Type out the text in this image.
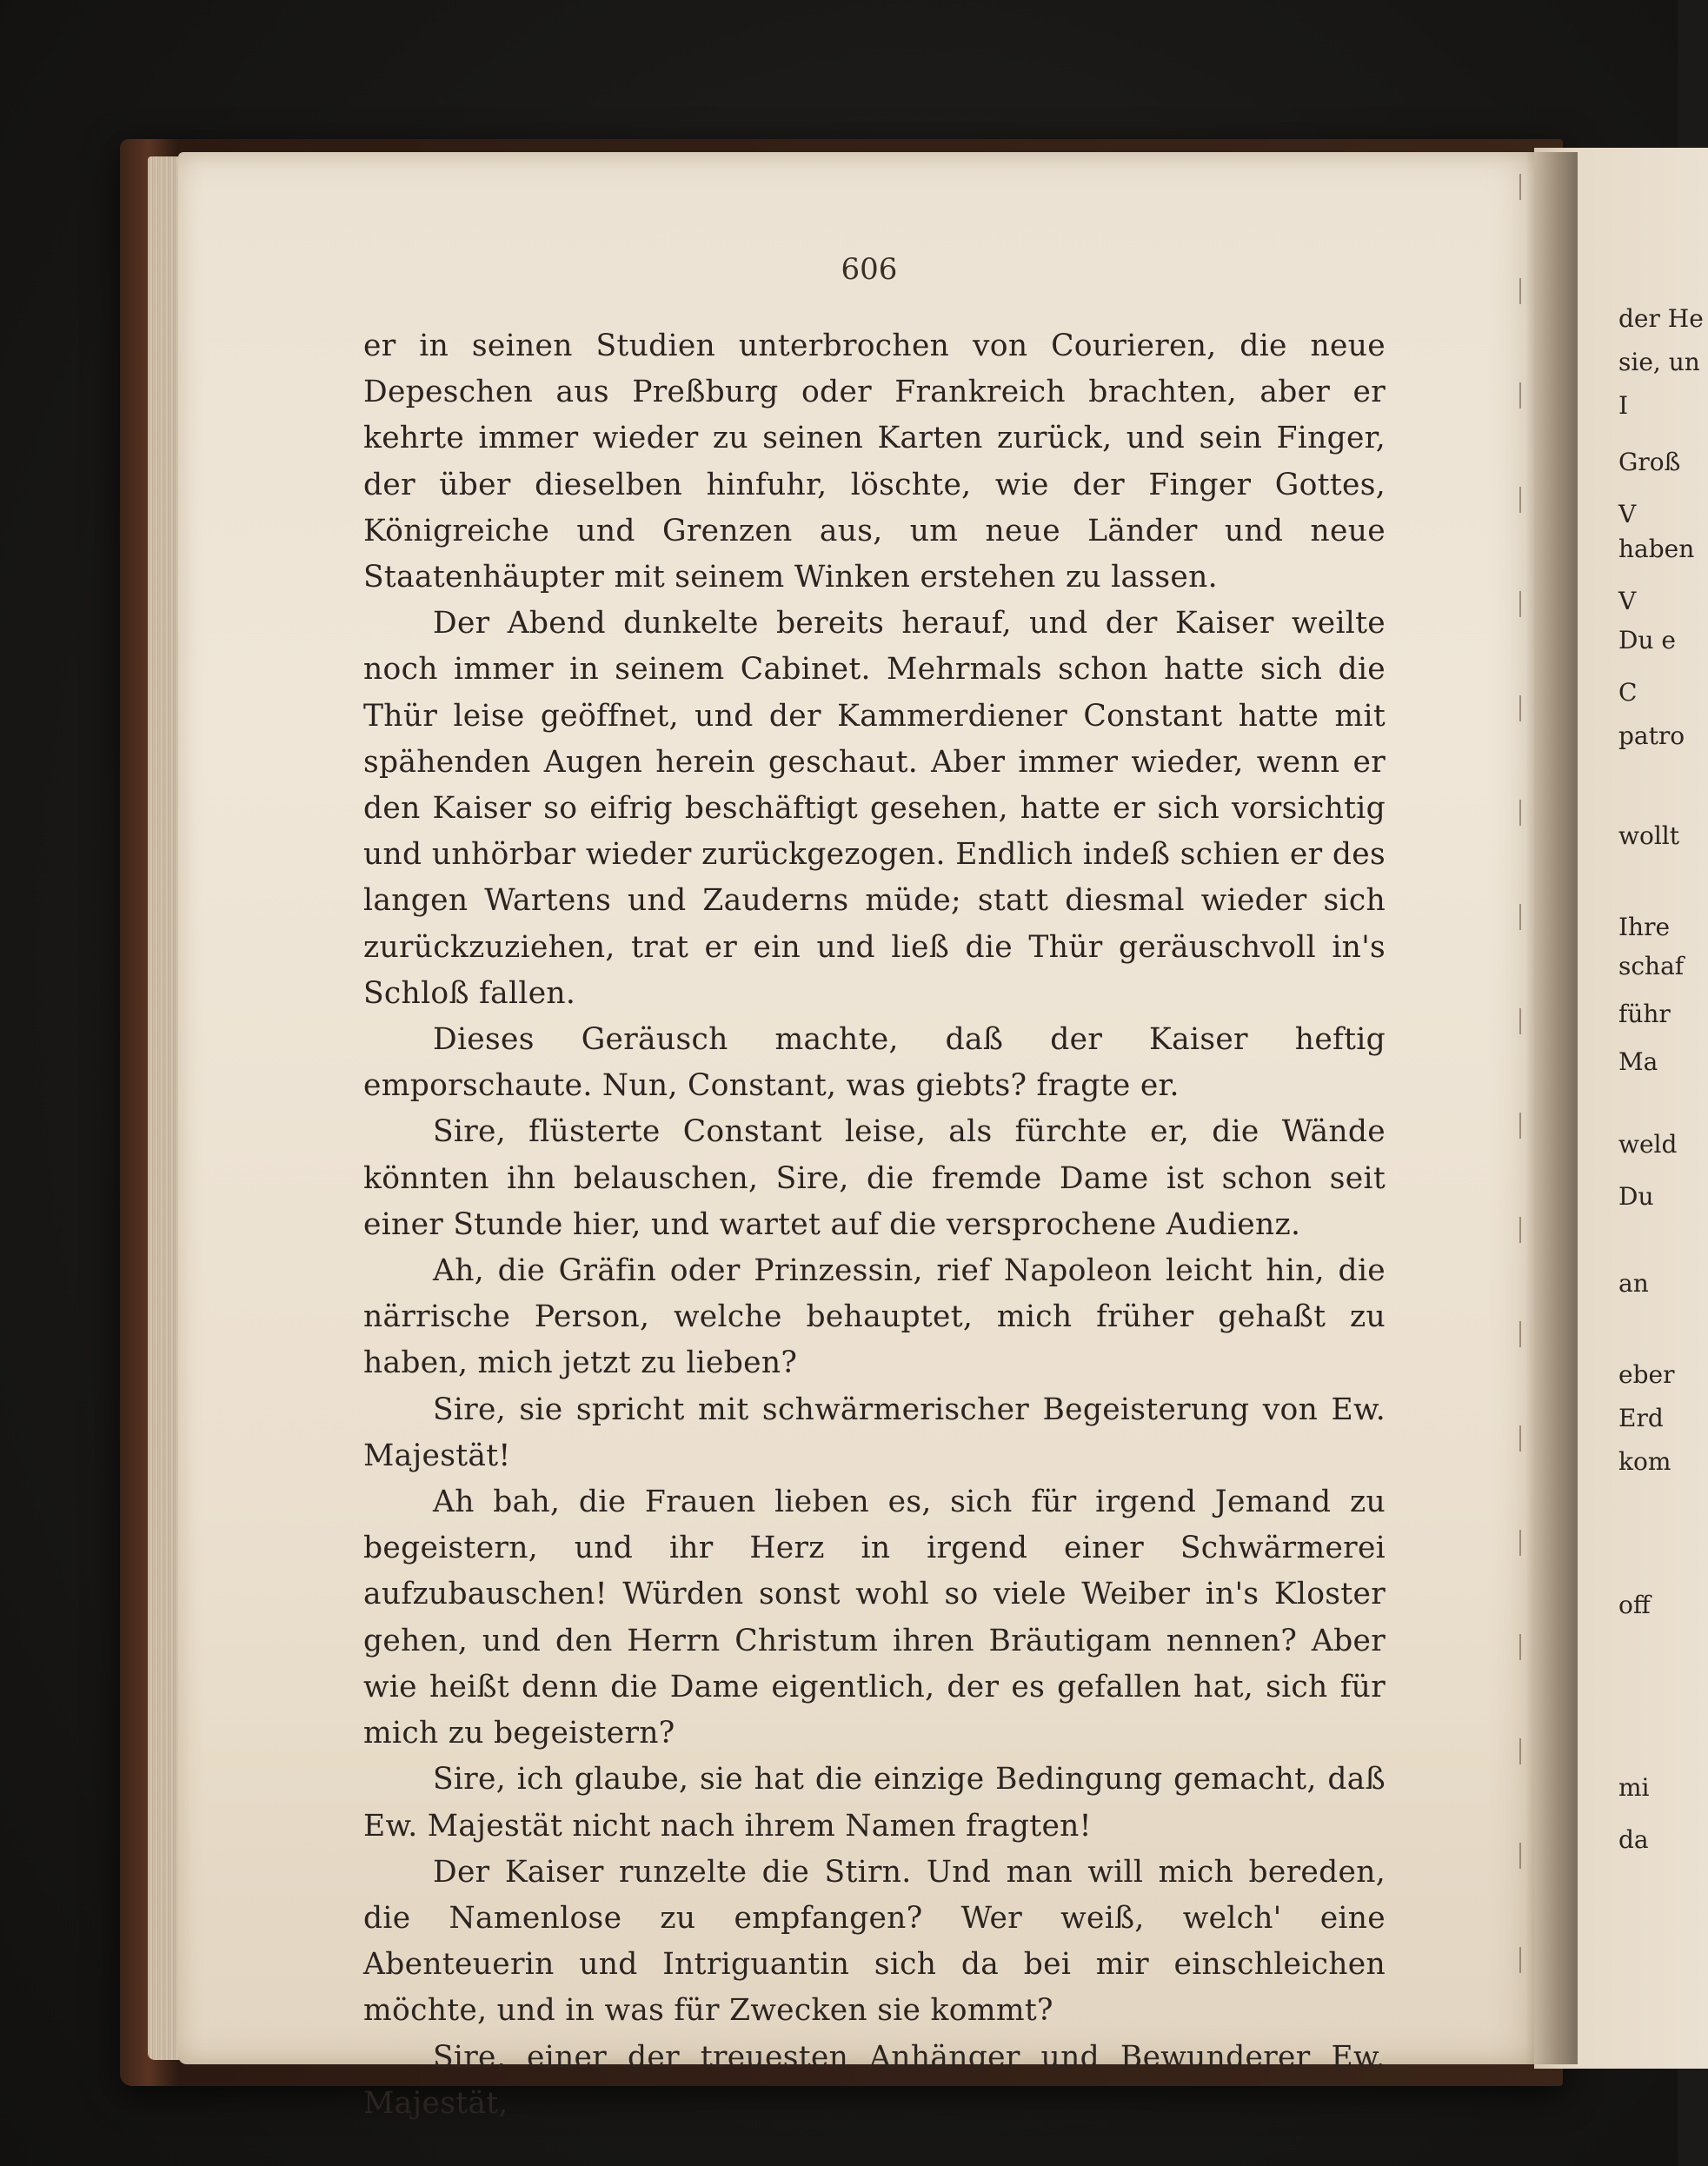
606

er in seinen Studien unterbrochen von Courieren, die neue Depeschen aus Preßburg oder Frankreich brachten, aber er kehrte immer wieder zu seinen Karten zurück, und sein Finger, der über dieselben hinfuhr, löschte, wie der Finger Gottes, Königreiche und Grenzen aus, um neue Länder und neue Staatenhäupter mit seinem Winken erstehen zu lassen.

Der Abend dunkelte bereits herauf, und der Kaiser weilte noch immer in seinem Cabinet. Mehrmals schon hatte sich die Thür leise geöffnet, und der Kammerdiener Constant hatte mit spähenden Augen herein geschaut. Aber immer wieder, wenn er den Kaiser so eifrig beschäftigt gesehen, hatte er sich vorsichtig und unhörbar wieder zurückgezogen. Endlich indeß schien er des langen Wartens und Zauderns müde; statt diesmal wieder sich zurückzuziehen, trat er ein und ließ die Thür geräuschvoll in's Schloß fallen.

Dieses Geräusch machte, daß der Kaiser heftig emporschaute. Nun, Constant, was giebts? fragte er.

Sire, flüsterte Constant leise, als fürchte er, die Wände könnten ihn belauschen, Sire, die fremde Dame ist schon seit einer Stunde hier, und wartet auf die versprochene Audienz.

Ah, die Gräfin oder Prinzessin, rief Napoleon leicht hin, die närrische Person, welche behauptet, mich früher gehaßt zu haben, mich jetzt zu lieben?

Sire, sie spricht mit schwärmerischer Begeisterung von Ew. Majestät!

Ah bah, die Frauen lieben es, sich für irgend Jemand zu begeistern, und ihr Herz in irgend einer Schwärmerei aufzubauschen! Würden sonst wohl so viele Weiber in's Kloster gehen, und den Herrn Christum ihren Bräutigam nennen? Aber wie heißt denn die Dame eigentlich, der es gefallen hat, sich für mich zu begeistern?

Sire, ich glaube, sie hat die einzige Bedingung gemacht, daß Ew. Majestät nicht nach ihrem Namen fragten!

Der Kaiser runzelte die Stirn. Und man will mich bereden, die Namenlose zu empfangen? Wer weiß, welch' eine Abenteuerin und Intriguantin sich da bei mir einschleichen möchte, und in was für Zwecken sie kommt?

Sire, einer der treuesten Anhänger und Bewunderer Ew. Majestät,

der He
sie, un
I
Groß
V
haben
V
Du e
C
patro
wollt
Ihre
schaf
führ
Ma
weld
Du
an
eber
Erd
kom
off
mi
da
